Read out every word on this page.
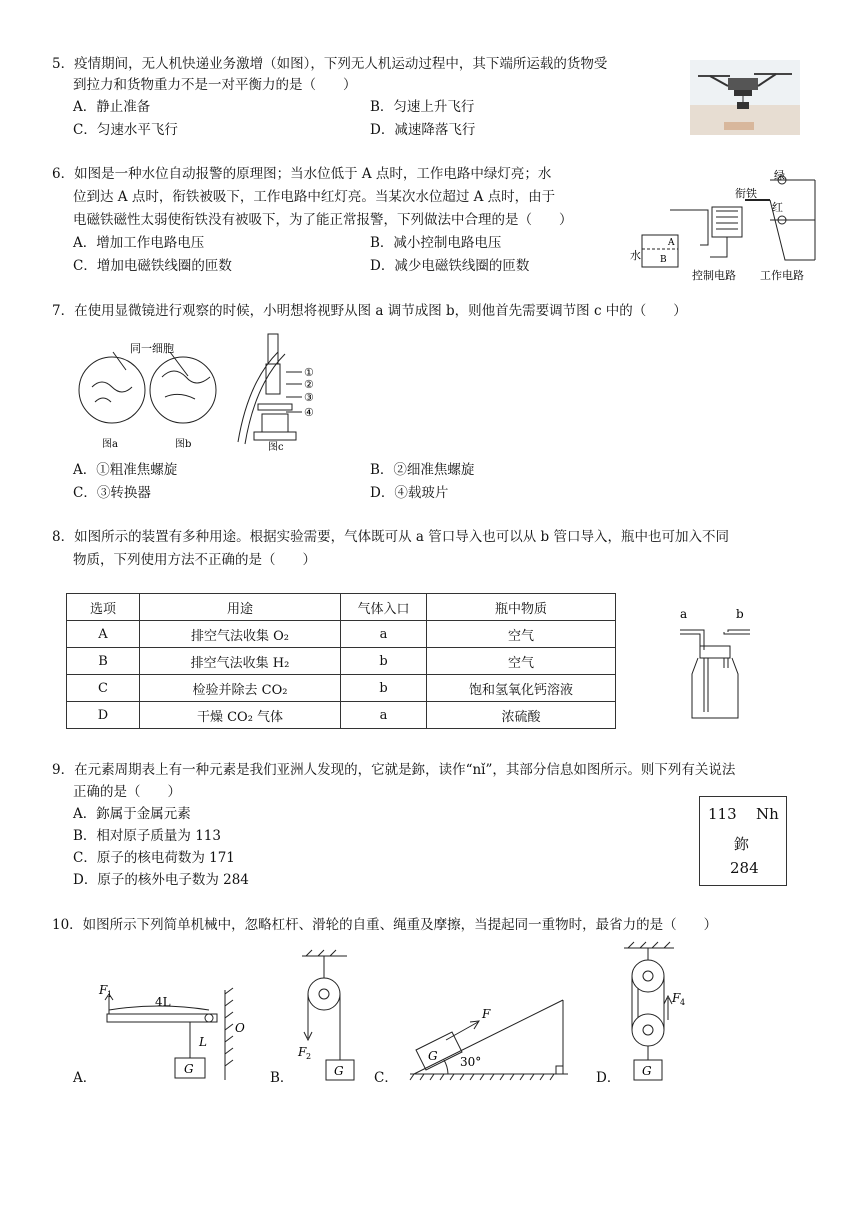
5．疫情期间，无人机快递业务激增（如图），下列无人机运动过程中，其下端所运载的货物受
到拉力和货物重力不是一对平衡力的是（　　）
A．静止准备	B．匀速上升飞行
C．匀速水平飞行	D．减速降落飞行
6．如图是一种水位自动报警的原理图；当水位低于 A 点时，工作电路中绿灯亮；水
位到达 A 点时，衔铁被吸下，工作电路中红灯亮。当某次水位超过 A 点时，由于
电磁铁磁性太弱使衔铁没有被吸下，为了能正常报警，下列做法中合理的是（　　）
A．增加工作电路电压	B．减小控制电路电压
C．增加电磁铁线圈的匝数	D．减少电磁铁线圈的匝数
绿
衔铁
红
水
A
B
控制电路 工作电路
7．在使用显微镜进行观察的时候，小明想将视野从图 a 调节成图 b，则他首先需要调节图 c 中的（　　）
同一细胞
图a	图b	图c
①
②
③
④
A．①粗准焦螺旋	B．②细准焦螺旋
C．③转换器	D．④载玻片
8．如图所示的装置有多种用途。根据实验需要，气体既可从 a 管口导入也可以从 b 管口导入，瓶中也可加入不同
物质，下列使用方法不正确的是（　　）
选项	用途	气体入口	瓶中物质
A	排空气法收集 O₂	a	空气
B	排空气法收集 H₂	b	空气
C	检验并除去 CO₂	b	饱和氢氧化钙溶液
D	干燥 CO₂ 气体	a	浓硫酸
a	b
9．在元素周期表上有一种元素是我们亚洲人发现的，它就是鉨，读作“nǐ”，其部分信息如图所示。则下列有关说法
正确的是（　　）
A．鉨属于金属元素
B．相对原子质量为 113
C．原子的核电荷数为 171
D．原子的核外电子数为 284
113 Nh
鉨
284
10．如图所示下列简单机械中，忽略杠杆、滑轮的自重、绳重及摩擦，当提起同一重物时，最省力的是（　　）
A．
F 1
4L
O
L
G
B．
F 2
G C．
G
F
30°
D．
F 4
G
